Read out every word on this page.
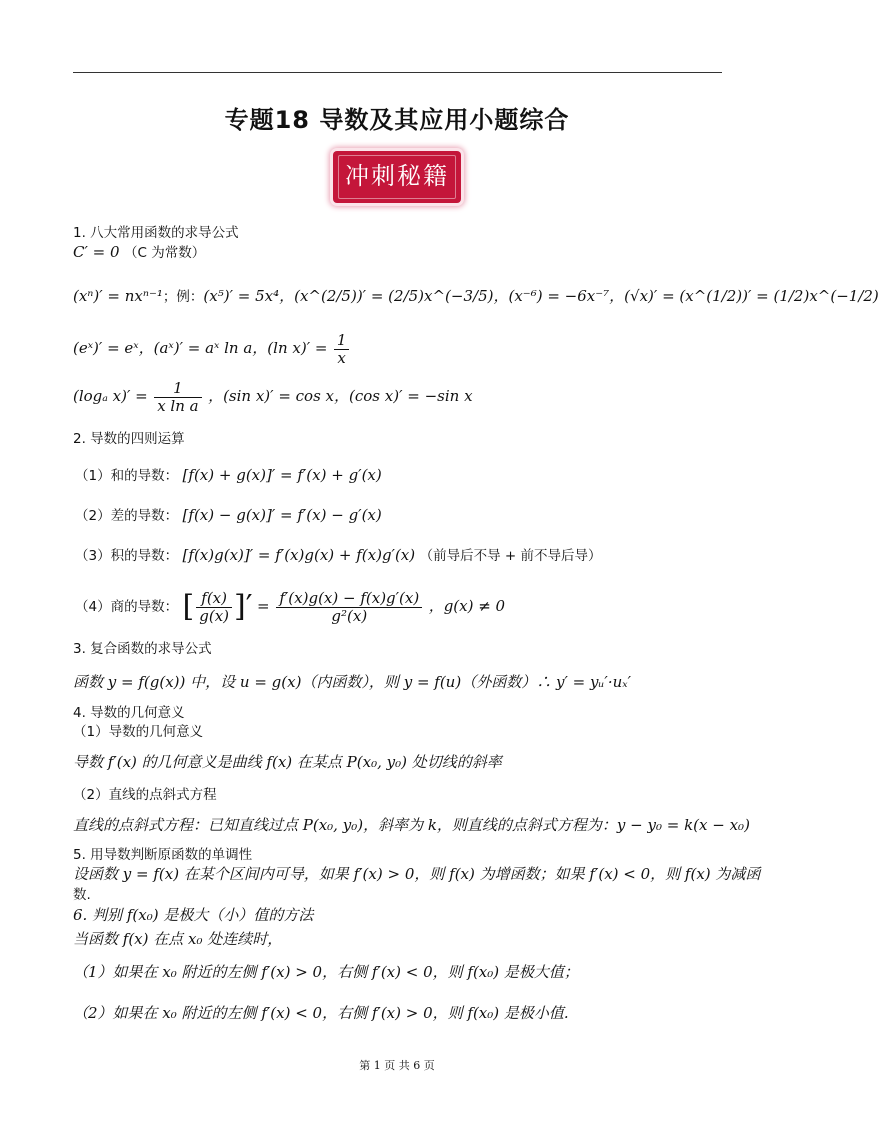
专题18 导数及其应用小题综合
冲刺秘籍
1. 八大常用函数的求导公式
C′ = 0 （C 为常数）
(xⁿ)′ = nxⁿ⁻¹；例：(x⁵)′ = 5x⁴，(x^(2/5))′ = (2/5)x^(−3/5)，(x⁻⁶) = −6x⁻⁷，(√x)′ = (x^(1/2))′ = (1/2)x^(−1/2)
(eˣ)′ = eˣ，(aˣ)′ = aˣ ln a，(ln $x)' = \frac{1}{x}$
(logₐ $x)' = \frac{1}{\text{x ln a}}$ ，(sin x)′ = cos x，(cos x)′ = −sin x
2. 导数的四则运算
（1）和的导数： [f(x) + g(x)]′ = f′(x) + g′(x)
（2）差的导数： [f(x) − g(x)]′ = f′(x) − g′(x)
（3）积的导数： [f(x)g(x)]′ = f′(x)g(x) + f(x)g′(x) （前导后不导 + 前不导后导）
（4）商的导数： [ $\frac{f(x)}{g(x)}$ ]′ = $\frac{f'(x)g(x) - f(x)g'(x)}{\text{g²(x)}}$ ，g(x) ≠ 0
3. 复合函数的求导公式
函数 y = f(g(x)) 中，设 u = g(x)（内函数），则 y = f(u)（外函数）∴ y′ = yᵤ′·uₓ′
4. 导数的几何意义
（1）导数的几何意义
导数 f′(x) 的几何意义是曲线 f(x) 在某点 P(x₀, y₀) 处切线的斜率
（2）直线的点斜式方程
直线的点斜式方程：已知直线过点 P(x₀, y₀)，斜率为 k，则直线的点斜式方程为：y − y₀ = k(x − x₀)
5. 用导数判断原函数的单调性
设函数 y = f(x) 在某个区间内可导，如果 f′(x) > 0，则 f(x) 为增函数；如果 f′(x) < 0，则 f(x) 为减函
数.
6. 判别 f(x₀) 是极大（小）值的方法
当函数 f(x) 在点 x₀ 处连续时，
（1）如果在 x₀ 附近的左侧 f′(x) > 0，右侧 f′(x) < 0，则 f(x₀) 是极大值；
（2）如果在 x₀ 附近的左侧 f′(x) < 0，右侧 f′(x) > 0，则 f(x₀) 是极小值.
第 1 页 共 6 页
